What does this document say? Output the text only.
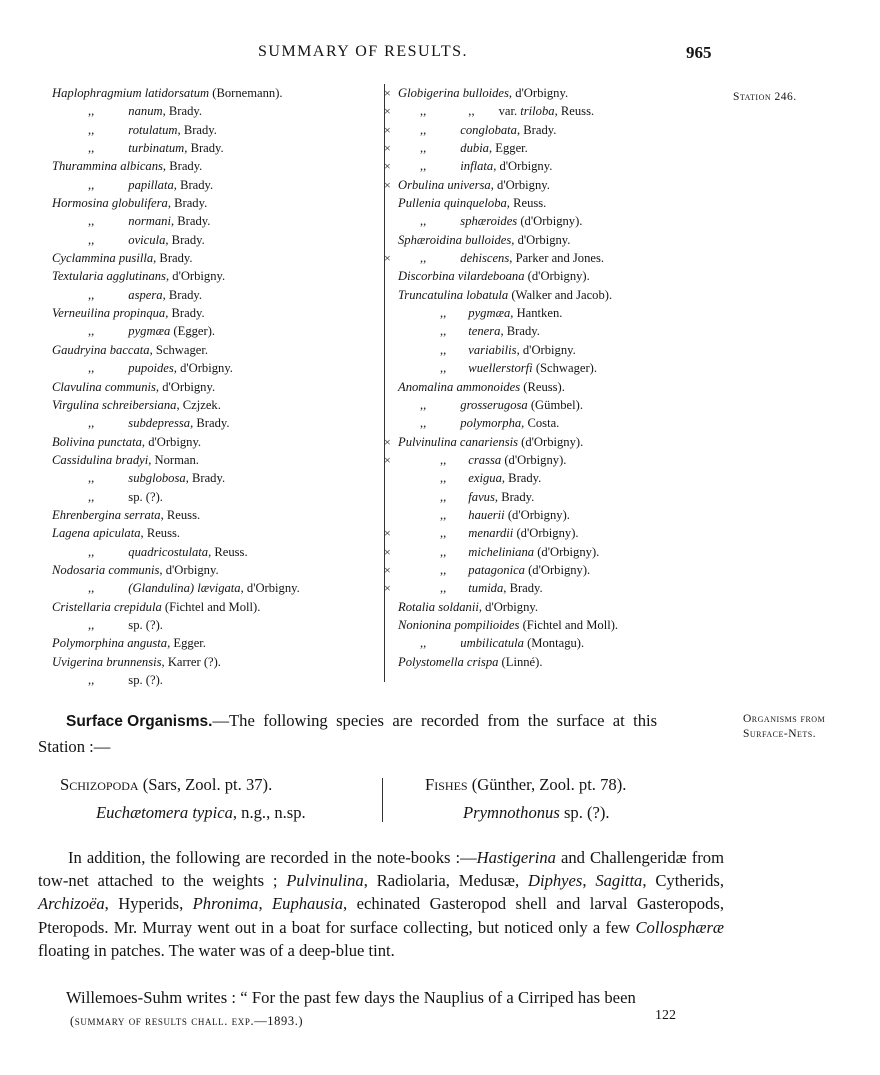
SUMMARY OF RESULTS.	965
Station 246.
Organisms from
Surface-Nets.
Haplophragmium latidorsatum (Bornemann).
,,	nanum, Brady.
,,	rotulatum, Brady.
,,	turbinatum, Brady.
Thurammina albicans, Brady.
,,	papillata, Brady.
Hormosina globulifera, Brady.
,,	normani, Brady.
,,	ovicula, Brady.
Cyclammina pusilla, Brady.
Textularia agglutinans, d'Orbigny.
,,	aspera, Brady.
Verneuilina propinqua, Brady.
,,	pygmæa (Egger).
Gaudryina baccata, Schwager.
,,	pupoides, d'Orbigny.
Clavulina communis, d'Orbigny.
Virgulina schreibersiana, Czjzek.
,,	subdepressa, Brady.
Bolivina punctata, d'Orbigny.
Cassidulina bradyi, Norman.
,,	subglobosa, Brady.
,,	sp. (?).
Ehrenbergina serrata, Reuss.
Lagena apiculata, Reuss.
,,	quadricostulata, Reuss.
Nodosaria communis, d'Orbigny.
,,	(Glandulina) lævigata, d'Orbigny.
Cristellaria crepidula (Fichtel and Moll).
,,	sp. (?).
Polymorphina angusta, Egger.
Uvigerina brunnensis, Karrer (?).
,,	sp. (?).
× Globigerina bulloides, d'Orbigny.
×	,,	,, var. triloba, Reuss.
×	,,	conglobata, Brady.
×	,,	dubia, Egger.
×	,,	inflata, d'Orbigny.
× Orbulina universa, d'Orbigny.
Pullenia quinqueloba, Reuss.
,,	sphæroides (d'Orbigny).
Sphæroidina bulloides, d'Orbigny.
×	,,	dehiscens, Parker and Jones.
Discorbina vilardeboana (d'Orbigny).
Truncatulina lobatula (Walker and Jacob).
,, pygmæa, Hantken.
,, tenera, Brady.
,, variabilis, d'Orbigny.
,, wuellerstorfi (Schwager).
Anomalina ammonoides (Reuss).
,,	grosserugosa (Gümbel).
,,	polymorpha, Costa.
× Pulvinulina canariensis (d'Orbigny).
×	,, crassa (d'Orbigny).
,, exigua, Brady.
,, favus, Brady.
,, hauerii (d'Orbigny).
×	,, menardii (d'Orbigny).
×	,, micheliniana (d'Orbigny).
×	,, patagonica (d'Orbigny).
×	,, tumida, Brady.
Rotalia soldanii, d'Orbigny.
Nonionina pompilioides (Fichtel and Moll).
,,	umbilicatula (Montagu).
Polystomella crispa (Linné).
Surface Organisms.—The following species are recorded from the surface at this
Station :—
Schizopoda (Sars, Zool. pt. 37).
Euchætomera typica, n.g., n.sp.
Fishes (Günther, Zool. pt. 78).
Prymnothonus sp. (?).
In addition, the following are recorded in the note-books :—Hastigerina and Challengeridæ from tow-net attached to the weights ; Pulvinulina, Radiolaria, Medusæ, Diphyes, Sagitta, Cytherids, Archizoëa, Hyperids, Phronima, Euphausia, echinated Gasteropod shell and larval Gasteropods, Pteropods. Mr. Murray went out in a boat for surface collecting, but noticed only a few Collosphæræ floating in patches. The water was of a deep-blue tint.
Willemoes-Suhm writes : “ For the past few days the Nauplius of a Cirriped has been
(summary of results chall. exp.—1893.)	122
